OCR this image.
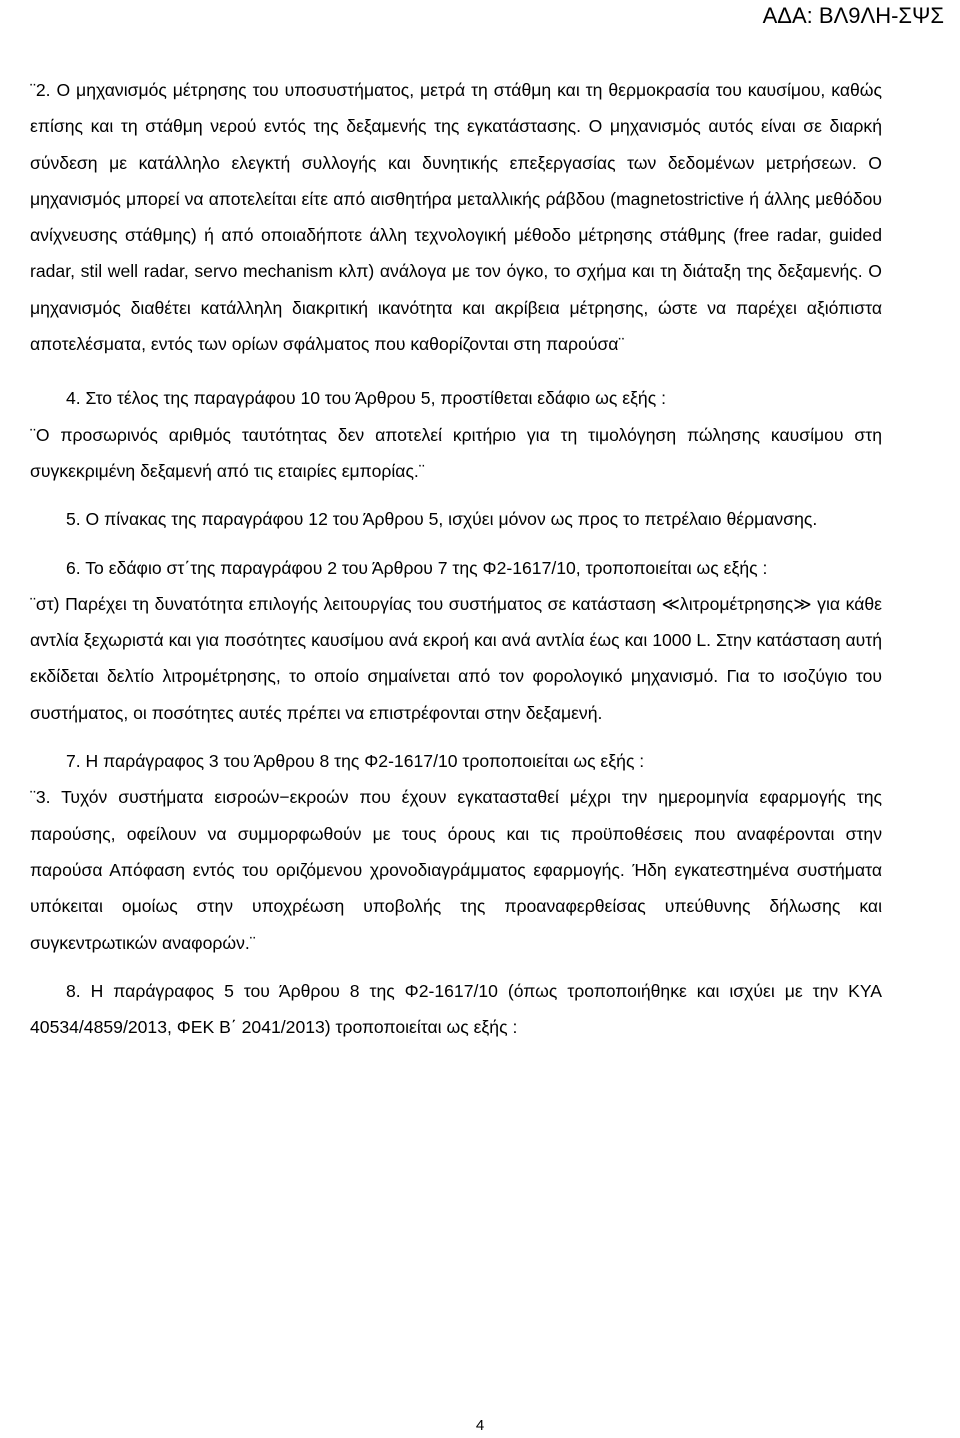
ΑΔΑ: ΒΛ9ΛΗ-ΣΨΣ

¨2. Ο μηχανισμός μέτρησης του υποσυστήματος, μετρά τη στάθμη και τη θερμοκρασία του καυσίμου, καθώς επίσης και τη στάθμη νερού εντός της δεξαμενής της εγκατάστασης. Ο μηχανισμός αυτός είναι σε διαρκή σύνδεση με κατάλληλο ελεγκτή συλλογής και δυνητικής επεξεργασίας των δεδομένων μετρήσεων. Ο μηχανισμός μπορεί να αποτελείται είτε από αισθητήρα μεταλλικής ράβδου (magnetostrictive ή άλλης μεθόδου ανίχνευσης στάθμης) ή από οποιαδήποτε άλλη τεχνολογική μέθοδο μέτρησης στάθμης (free radar, guided radar, stil well radar, servo mechanism κλπ) ανάλογα με τον όγκο, το σχήμα και τη διάταξη της δεξαμενής. Ο μηχανισμός διαθέτει κατάλληλη διακριτική ικανότητα και ακρίβεια μέτρησης, ώστε να παρέχει αξιόπιστα αποτελέσματα, εντός των ορίων σφάλματος που καθορίζονται στη παρούσα¨

4. Στο τέλος της παραγράφου 10 του Άρθρου 5, προστίθεται εδάφιο ως εξής :

¨Ο προσωρινός αριθμός ταυτότητας δεν αποτελεί κριτήριο για τη τιμολόγηση πώλησης καυσίμου στη συγκεκριμένη δεξαμενή από τις εταιρίες εμπορίας.¨

5. Ο πίνακας της παραγράφου 12 του Άρθρου 5, ισχύει μόνον ως προς το πετρέλαιο θέρμανσης.

6. Το εδάφιο στ΄της παραγράφου 2 του Άρθρου 7 της Φ2-1617/10, τροποποιείται ως εξής :

¨στ) Παρέχει τη δυνατότητα επιλογής λειτουργίας του συστήματος σε κατάσταση ≪λιτρομέτρησης≫ για κάθε αντλία ξεχωριστά και για ποσότητες καυσίμου ανά εκροή και ανά αντλία έως και 1000 L. Στην κατάσταση αυτή εκδίδεται δελτίο λιτρομέτρησης, το οποίο σημαίνεται από τον φορολογικό μηχανισμό. Για το ισοζύγιο του συστήματος, οι ποσότητες αυτές πρέπει να επιστρέφονται στην δεξαμενή.

7. Η παράγραφος 3 του Άρθρου 8 της Φ2-1617/10 τροποποιείται ως εξής :

¨3. Τυχόν συστήματα εισροών−εκροών που έχουν εγκατασταθεί μέχρι την ημερομηνία εφαρμογής της παρούσης, οφείλουν να συμμορφωθούν με τους όρους και τις προϋποθέσεις που αναφέρονται στην παρούσα Απόφαση εντός του οριζόμενου χρονοδιαγράμματος εφαρμογής. Ήδη εγκατεστημένα συστήματα υπόκειται ομοίως στην υποχρέωση υποβολής της προαναφερθείσας υπεύθυνης δήλωσης και συγκεντρωτικών αναφορών.¨

8. Η παράγραφος 5 του Άρθρου 8 της Φ2-1617/10 (όπως τροποποιήθηκε και ισχύει με την ΚΥΑ 40534/4859/2013, ΦΕΚ Β΄ 2041/2013) τροποποιείται ως εξής :

4
